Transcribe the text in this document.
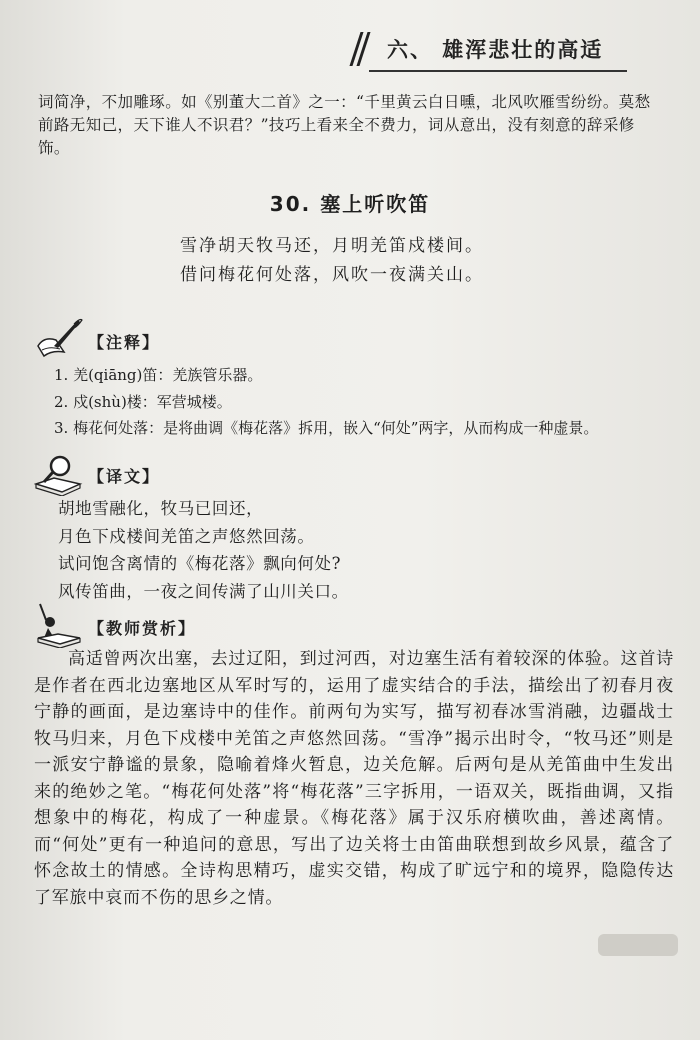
六、 雄浑悲壮的高适
词简净，不加雕琢。如《别董大二首》之一：“千里黄云白日曛，北风吹雁雪纷纷。莫愁前路无知己，天下谁人不识君？”技巧上看来全不费力，词从意出，没有刻意的辞采修饰。
30. 塞上听吹笛
雪净胡天牧马还，月明羌笛戍楼间。
借问梅花何处落，风吹一夜满关山。
【注释】
1. 羌(qiāng)笛：羌族管乐器。
2. 戍(shù)楼：军营城楼。
3. 梅花何处落：是将曲调《梅花落》拆用，嵌入“何处”两字，从而构成一种虚景。
【译文】
胡地雪融化，牧马已回还，
月色下戍楼间羌笛之声悠然回荡。
试问饱含离情的《梅花落》飘向何处?
风传笛曲，一夜之间传满了山川关口。
【教师赏析】
高适曾两次出塞，去过辽阳，到过河西，对边塞生活有着较深的体验。这首诗是作者在西北边塞地区从军时写的，运用了虚实结合的手法，描绘出了初春月夜宁静的画面，是边塞诗中的佳作。前两句为实写，描写初春冰雪消融，边疆战士牧马归来，月色下戍楼中羌笛之声悠然回荡。“雪净”揭示出时令，“牧马还”则是一派安宁静谧的景象，隐喻着烽火暂息，边关危解。后两句是从羌笛曲中生发出来的绝妙之笔。“梅花何处落”将“梅花落”三字拆用，一语双关，既指曲调，又指想象中的梅花，构成了一种虚景。《梅花落》属于汉乐府横吹曲，善述离情。而“何处”更有一种追问的意思，写出了边关将士由笛曲联想到故乡风景，蕴含了怀念故土的情感。全诗构思精巧，虚实交错，构成了旷远宁和的境界，隐隐传达了军旅中哀而不伤的思乡之情。
